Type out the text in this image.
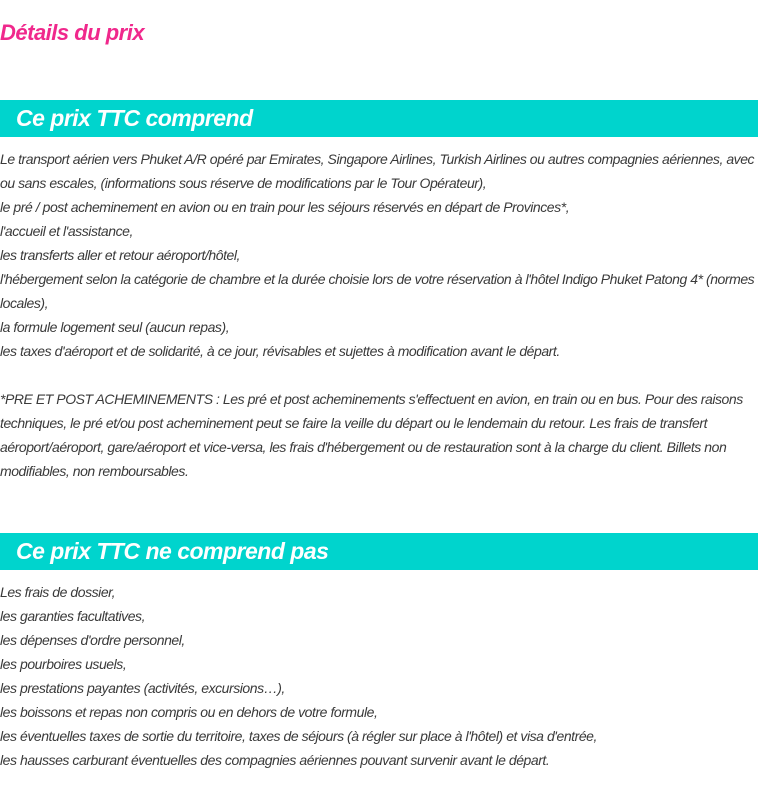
Détails du prix
Ce prix TTC comprend
Le transport aérien vers Phuket A/R opéré par Emirates, Singapore Airlines, Turkish Airlines ou autres compagnies aériennes, avec ou sans escales, (informations sous réserve de modifications par le Tour Opérateur),
le pré / post acheminement en avion ou en train pour les séjours réservés en départ de Provinces*,
l'accueil et l'assistance,
les transferts aller et retour aéroport/hôtel,
l'hébergement selon la catégorie de chambre et la durée choisie lors de votre réservation à l'hôtel Indigo Phuket Patong 4* (normes locales),
la formule logement seul (aucun repas),
les taxes d'aéroport et de solidarité, à ce jour, révisables et sujettes à modification avant le départ.
*PRE ET POST ACHEMINEMENTS : Les pré et post acheminements s'effectuent en avion, en train ou en bus. Pour des raisons techniques, le pré et/ou post acheminement peut se faire la veille du départ ou le lendemain du retour. Les frais de transfert aéroport/aéroport, gare/aéroport et vice-versa, les frais d'hébergement ou de restauration sont à la charge du client. Billets non modifiables, non remboursables.
Ce prix TTC ne comprend pas
Les frais de dossier,
les garanties facultatives,
les dépenses d'ordre personnel,
les pourboires usuels,
les prestations payantes (activités, excursions…),
les boissons et repas non compris ou en dehors de votre formule,
les éventuelles taxes de sortie du territoire, taxes de séjours (à régler sur place à l'hôtel) et visa d'entrée,
les hausses carburant éventuelles des compagnies aériennes pouvant survenir avant le départ.
